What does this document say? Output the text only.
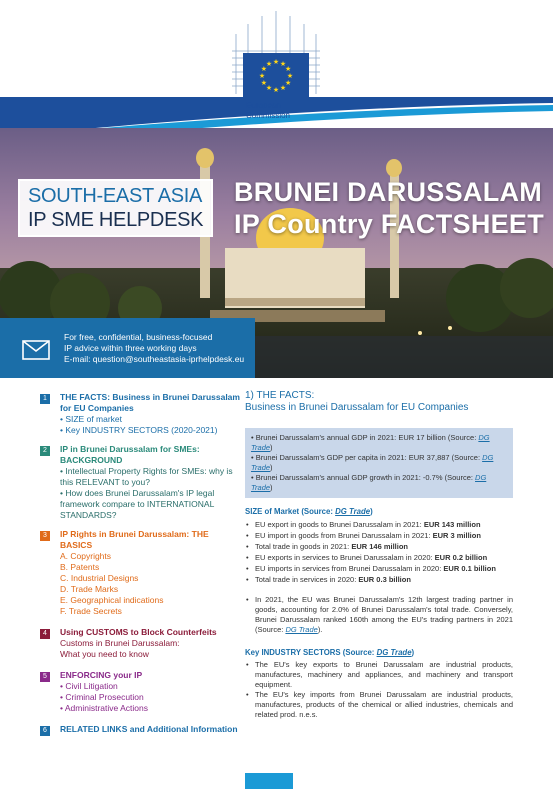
★
★
★
★
★
★
★
★
★ ★ ★
★
European
Commission
SOUTH-EAST ASIA
IP SME HELPDESK
BRUNEI DARUSSALAM
IP Country FACTSHEET
For free, confidential, business-focused
IP advice within three working days
E-mail: question@southeastasia-iprhelpdesk.eu
1	THE FACTS: Business in Brunei Darussalam for EU Companies
• SIZE of market
• Key INDUSTRY SECTORS (2020-2021)
2	IP in Brunei Darussalam for SMEs: BACKGROUND
• Intellectual Property Rights for SMEs: why is this RELEVANT to you?
• How does Brunei Darussalam's IP legal framework compare to INTERNATIONAL STANDARDS?
3	IP Rights in Brunei Darussalam: THE BASICS
A. Copyrights
B. Patents
C. Industrial Designs
D. Trade Marks
E. Geographical indications
F. Trade Secrets
4	Using CUSTOMS to Block Counterfeits
Customs in Brunei Darussalam:
What you need to know
5	ENFORCING your IP
• Civil Litigation
• Criminal Prosecution
• Administrative Actions
6	RELATED LINKS and Additional Information
1) THE FACTS:
Business in Brunei Darussalam for EU Companies
• Brunei Darussalam's annual GDP in 2021: EUR 17 billion (Source: DG Trade)
• Brunei Darussalam's GDP per capita in 2021: EUR 37,887 (Source: DG Trade)
• Brunei Darussalam's annual GDP growth in 2021: -0.7% (Source: DG Trade)
SIZE of Market (Source: DG Trade)
• EU export in goods to Brunei Darussalam in 2021: EUR 143 million
• EU import in goods from Brunei Darussalam in 2021: EUR 3 million
• Total trade in goods in 2021: EUR 146 million
• EU exports in services to Brunei Darussalam in 2020: EUR 0.2 billion
• EU imports in services from Brunei Darussalam in 2020: EUR 0.1 billion
• Total trade in services in 2020: EUR 0.3 billion
• In 2021, the EU was Brunei Darussalam's 12th largest trading partner in goods, accounting for 2.0% of Brunei Darussalam's total trade. Conversely, Brunei Darussalam ranked 160th among the EU's trading partners in 2021 (Source: DG Trade).
Key INDUSTRY SECTORS (Source: DG Trade)
• The EU's key exports to Brunei Darussalam are industrial products, manufactures, machinery and appliances, and machinery and transport equipment.
• The EU's key imports from Brunei Darussalam are industrial products, manufactures, products of the chemical or allied industries, chemicals and related prod. n.e.s.
